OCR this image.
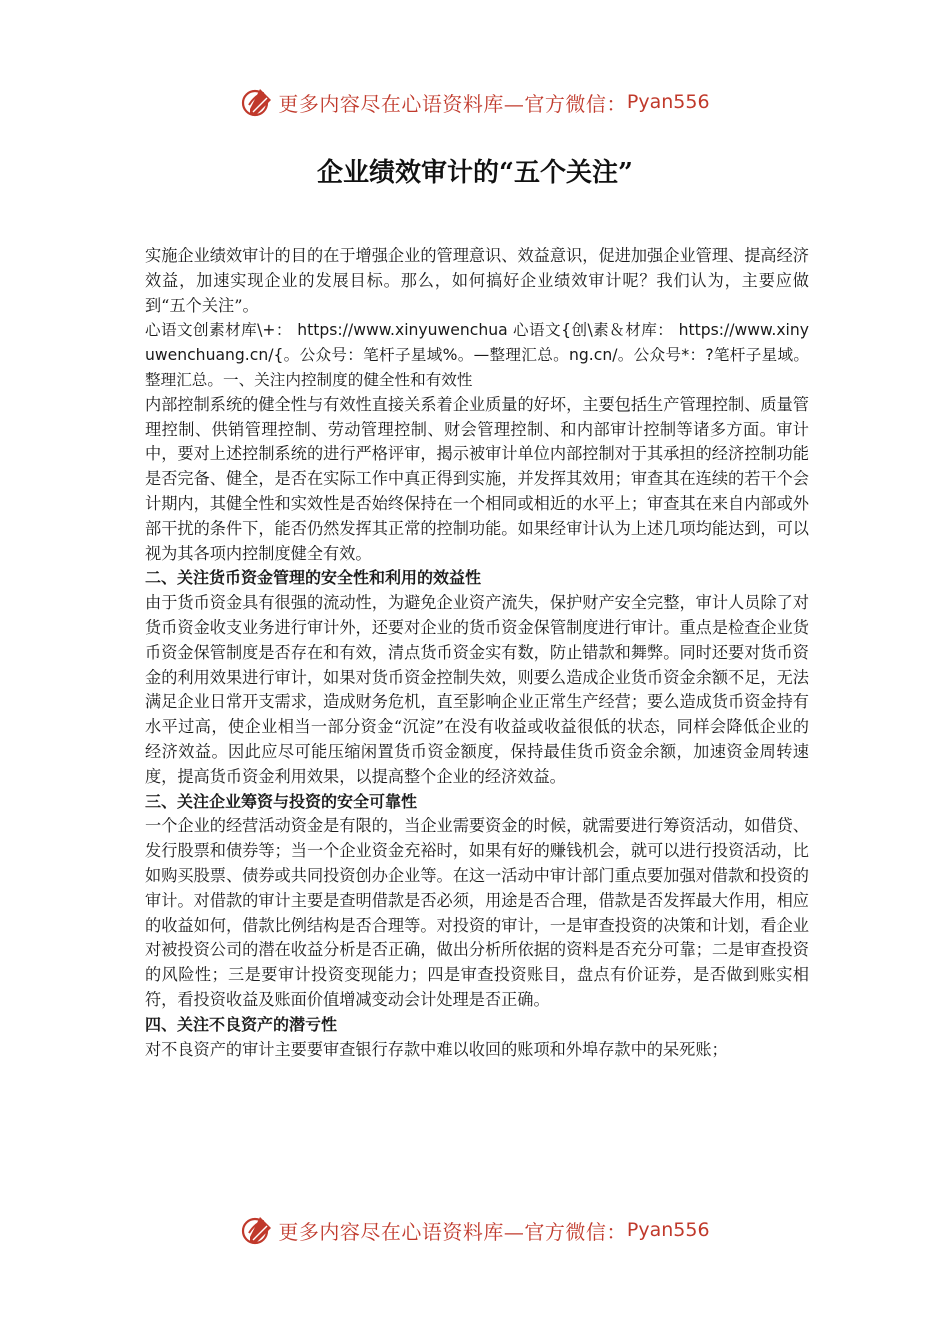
更多内容尽在心语资料库—官方微信： Pyan556
企业绩效审计的“五个关注”

实施企业绩效审计的目的在于增强企业的管理意识、效益意识，促进加强企业管理、提高经济效益，加速实现企业的发展目标。那么，如何搞好企业绩效审计呢？我们认为，主要应做到“五个关注”。

心语文创素材库\+： https://www.xinyuwenchua 心语文{创\素＆材库： https://www.xinyuwenchuang.cn/{。公众号：笔杆子星域%。—整理汇总。ng.cn/。公众号*：?笔杆子星域。整理汇总。一、关注内控制度的健全性和有效性

内部控制系统的健全性与有效性直接关系着企业质量的好坏，主要包括生产管理控制、质量管理控制、供销管理控制、劳动管理控制、财会管理控制、和内部审计控制等诸多方面。审计中，要对上述控制系统的进行严格评审，揭示被审计单位内部控制对于其承担的经济控制功能是否完备、健全，是否在实际工作中真正得到实施，并发挥其效用；审查其在连续的若干个会计期内，其健全性和实效性是否始终保持在一个相同或相近的水平上；审查其在来自内部或外部干扰的条件下，能否仍然发挥其正常的控制功能。如果经审计认为上述几项均能达到，可以视为其各项内控制度健全有效。

二、关注货币资金管理的安全性和利用的效益性

由于货币资金具有很强的流动性，为避免企业资产流失，保护财产安全完整，审计人员除了对货币资金收支业务进行审计外，还要对企业的货币资金保管制度进行审计。重点是检查企业货币资金保管制度是否存在和有效，清点货币资金实有数，防止错款和舞弊。同时还要对货币资金的利用效果进行审计，如果对货币资金控制失效，则要么造成企业货币资金余额不足，无法满足企业日常开支需求，造成财务危机，直至影响企业正常生产经营；要么造成货币资金持有水平过高，使企业相当一部分资金“沉淀”在没有收益或收益很低的状态，同样会降低企业的经济效益。因此应尽可能压缩闲置货币资金额度，保持最佳货币资金余额，加速资金周转速度，提高货币资金利用效果，以提高整个企业的经济效益。

三、关注企业筹资与投资的安全可靠性

一个企业的经营活动资金是有限的，当企业需要资金的时候，就需要进行筹资活动，如借贷、发行股票和债券等；当一个企业资金充裕时，如果有好的赚钱机会，就可以进行投资活动，比如购买股票、债券或共同投资创办企业等。在这一活动中审计部门重点要加强对借款和投资的审计。对借款的审计主要是查明借款是否必须，用途是否合理，借款是否发挥最大作用，相应的收益如何，借款比例结构是否合理等。对投资的审计，一是审查投资的决策和计划，看企业对被投资公司的潜在收益分析是否正确，做出分析所依据的资料是否充分可靠；二是审查投资的风险性；三是要审计投资变现能力；四是审查投资账目，盘点有价证券，是否做到账实相符，看投资收益及账面价值增减变动会计处理是否正确。

四、关注不良资产的潜亏性

对不良资产的审计主要要审查银行存款中难以收回的账项和外埠存款中的呆死账；

更多内容尽在心语资料库—官方微信： Pyan556
